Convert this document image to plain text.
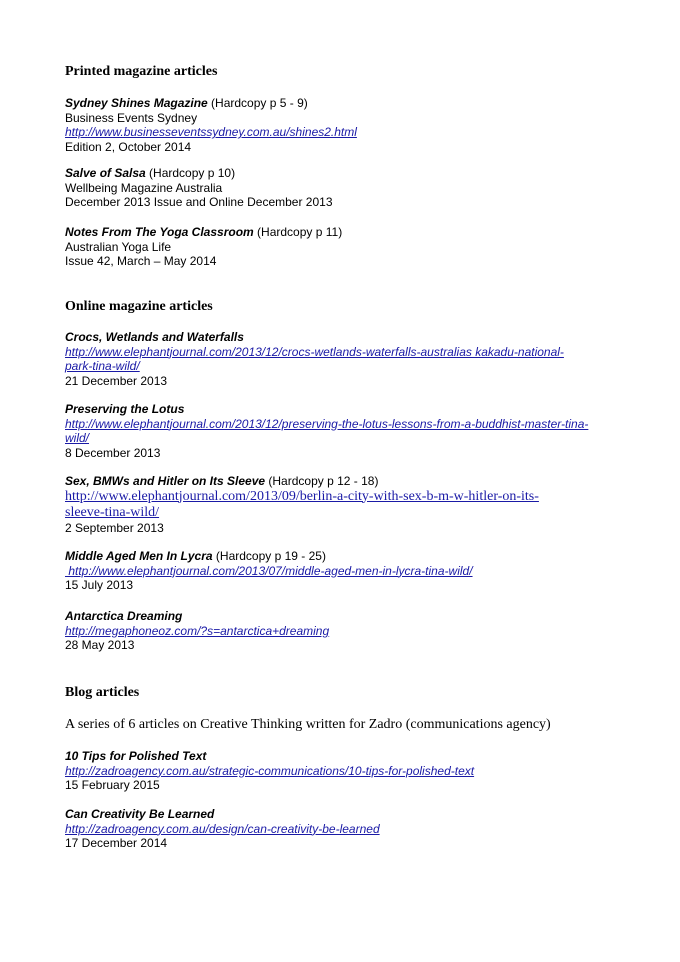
Printed magazine articles
Sydney Shines Magazine (Hardcopy p 5 - 9)
Business Events Sydney
http://www.businesseventssydney.com.au/shines2.html
Edition 2, October 2014
Salve of Salsa (Hardcopy p 10)
Wellbeing Magazine Australia
December 2013 Issue and Online December 2013
Notes From The Yoga Classroom (Hardcopy p 11)
Australian Yoga Life
Issue 42, March – May 2014
Online magazine articles
Crocs, Wetlands and Waterfalls
http://www.elephantjournal.com/2013/12/crocs-wetlands-waterfalls-australias kakadu-national-
park-tina-wild/
21 December 2013
Preserving the Lotus
http://www.elephantjournal.com/2013/12/preserving-the-lotus-lessons-from-a-buddhist-master-tina-
wild/
8 December 2013
Sex, BMWs and Hitler on Its Sleeve (Hardcopy p 12 - 18)
http://www.elephantjournal.com/2013/09/berlin-a-city-with-sex-b-m-w-hitler-on-its-
sleeve-tina-wild/
2 September 2013
Middle Aged Men In Lycra (Hardcopy p 19 - 25)
http://www.elephantjournal.com/2013/07/middle-aged-men-in-lycra-tina-wild/
15 July 2013
Antarctica Dreaming
http://megaphoneoz.com/?s=antarctica+dreaming
28 May 2013
Blog articles
A series of 6 articles on Creative Thinking written for Zadro (communications agency)
10 Tips for Polished Text
http://zadroagency.com.au/strategic-communications/10-tips-for-polished-text
15 February 2015
Can Creativity Be Learned
http://zadroagency.com.au/design/can-creativity-be-learned
17 December 2014
